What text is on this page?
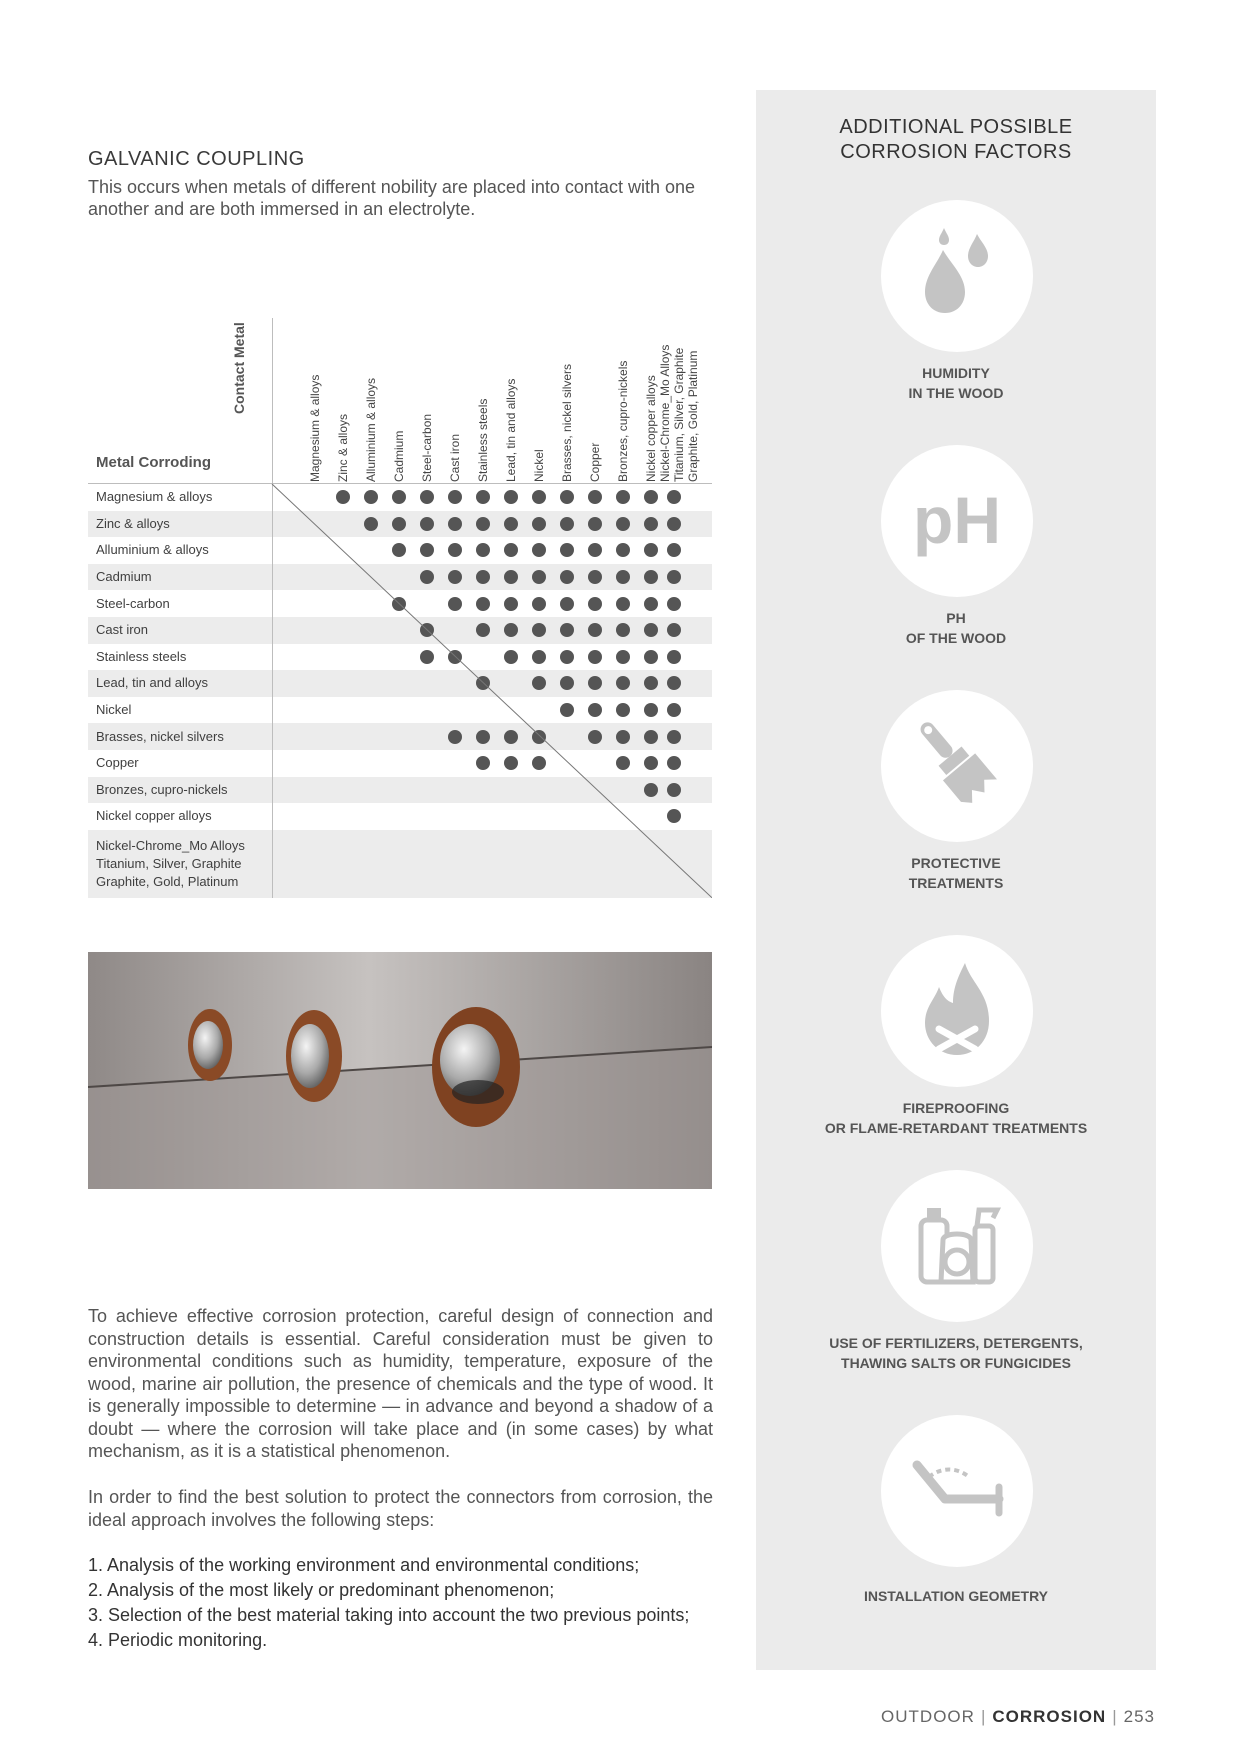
GALVANIC COUPLING

This occurs when metals of different nobility are placed into contact with one another and are both immersed in an electrolyte.

Contact Metal
Metal Corroding	Magnesium & alloys Zinc & alloys Alluminium & alloys Cadmium Steel-carbon Cast iron Stainless steels Lead, tin and alloys Nickel Brasses, nickel silvers Copper Bronzes, cupro-nickels Nickel copper alloys Nickel-Chrome_Mo Alloys Titanium, Silver, Graphite Graphite, Gold, Platinum
Magnesium & alloys
Zinc & alloys
Alluminium & alloys
Cadmium
Steel-carbon
Cast iron
Stainless steels
Lead, tin and alloys
Nickel
Brasses, nickel silvers
Copper
Bronzes, cupro-nickels
Nickel copper alloys
Nickel-Chrome_Mo Alloys
Titanium, Silver, Graphite
Graphite, Gold, Platinum

To achieve effective corrosion protection, careful design of connection and construction details is essential. Careful consideration must be given to environmental conditions such as humidity, temperature, exposure of the wood, marine air pollution, the presence of chemicals and the type of wood. It is generally impossible to determine — in advance and beyond a shadow of a doubt — where the corrosion will take place and (in some cases) by what mechanism, as it is a statistical phenomenon.

In order to find the best solution to protect the connectors from corrosion, the ideal approach involves the following steps:

1. Analysis of the working environment and environmental conditions;
2. Analysis of the most likely or predominant phenomenon;
3. Selection of the best material taking into account the two previous points;
4. Periodic monitoring.
ADDITIONAL POSSIBLE
CORROSION FACTORS
HUMIDITY
IN THE WOOD
pH
PH
OF THE WOOD
PROTECTIVE
TREATMENTS
FIREPROOFING
OR FLAME-RETARDANT TREATMENTS
USE OF FERTILIZERS, DETERGENTS,
THAWING SALTS OR FUNGICIDES
INSTALLATION GEOMETRY
OUTDOOR | CORROSION | 253
